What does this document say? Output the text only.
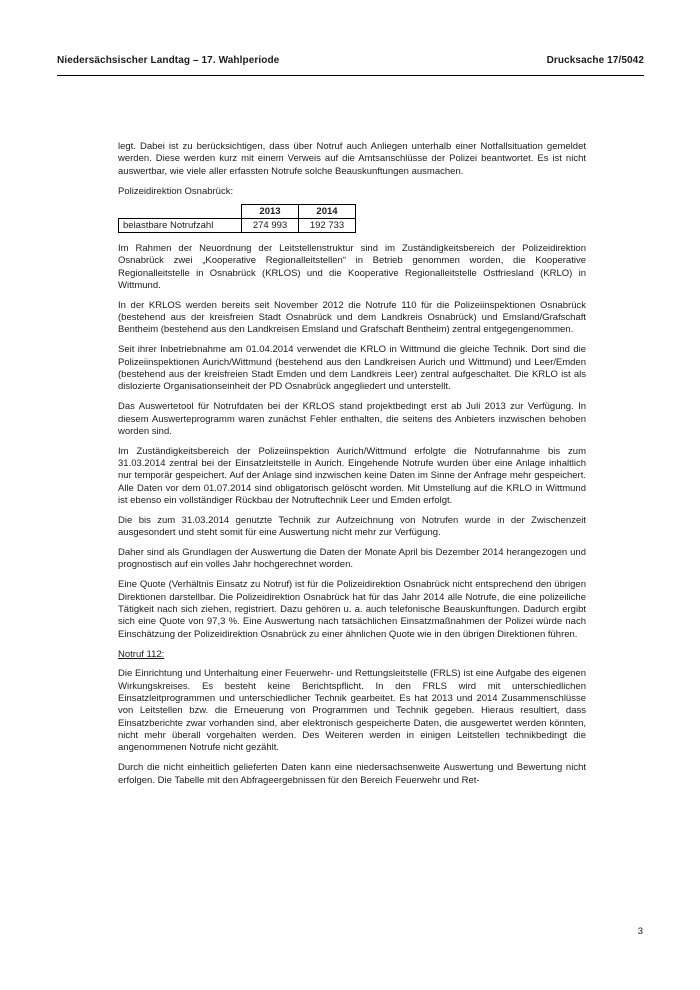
Niedersächsischer Landtag – 17. Wahlperiode	Drucksache 17/5042

legt. Dabei ist zu berücksichtigen, dass über Notruf auch Anliegen unterhalb einer Notfallsituation gemeldet werden. Diese werden kurz mit einem Verweis auf die Amtsanschlüsse der Polizei beantwortet. Es ist nicht auswertbar, wie viele aller erfassten Notrufe solche Beauskunftungen ausmachen.

Polizeidirektion Osnabrück:

	2013	2014
belastbare Notrufzahl	274 993	192 733

Im Rahmen der Neuordnung der Leitstellenstruktur sind im Zuständigkeitsbereich der Polizeidirektion Osnabrück zwei „Kooperative Regionalleitstellen“ in Betrieb genommen worden, die Kooperative Regionalleitstelle in Osnabrück (KRLOS) und die Kooperative Regionalleitstelle Ostfriesland (KRLO) in Wittmund.

In der KRLOS werden bereits seit November 2012 die Notrufe 110 für die Polizeiinspektionen Osnabrück (bestehend aus der kreisfreien Stadt Osnabrück und dem Landkreis Osnabrück) und Emsland/Grafschaft Bentheim (bestehend aus den Landkreisen Emsland und Grafschaft Bentheim) zentral entgegengenommen.

Seit ihrer Inbetriebnahme am 01.04.2014 verwendet die KRLO in Wittmund die gleiche Technik. Dort sind die Polizeiinspektionen Aurich/Wittmund (bestehend aus den Landkreisen Aurich und Wittmund) und Leer/Emden (bestehend aus der kreisfreien Stadt Emden und dem Landkreis Leer) zentral aufgeschaltet. Die KRLO ist als dislozierte Organisationseinheit der PD Osnabrück angegliedert und unterstellt.

Das Auswertetool für Notrufdaten bei der KRLOS stand projektbedingt erst ab Juli 2013 zur Verfügung. In diesem Auswerteprogramm waren zunächst Fehler enthalten, die seitens des Anbieters inzwischen behoben worden sind.

Im Zuständigkeitsbereich der Polizeiinspektion Aurich/Wittmund erfolgte die Notrufannahme bis zum 31.03.2014 zentral bei der Einsatzleitstelle in Aurich. Eingehende Notrufe wurden über eine Anlage inhaltlich nur temporär gespeichert. Auf der Anlage sind inzwischen keine Daten im Sinne der Anfrage mehr gespeichert. Alle Daten vor dem 01.07.2014 sind obligatorisch gelöscht worden. Mit Umstellung auf die KRLO in Wittmund ist ebenso ein vollständiger Rückbau der Notruftechnik Leer und Emden erfolgt.

Die bis zum 31.03.2014 genutzte Technik zur Aufzeichnung von Notrufen wurde in der Zwischenzeit ausgesondert und steht somit für eine Auswertung nicht mehr zur Verfügung.

Daher sind als Grundlagen der Auswertung die Daten der Monate April bis Dezember 2014 herangezogen und prognostisch auf ein volles Jahr hochgerechnet worden.

Eine Quote (Verhältnis Einsatz zu Notruf) ist für die Polizeidirektion Osnabrück nicht entsprechend den übrigen Direktionen darstellbar. Die Polizeidirektion Osnabrück hat für das Jahr 2014 alle Notrufe, die eine polizeiliche Tätigkeit nach sich ziehen, registriert. Dazu gehören u. a. auch telefonische Beauskunftungen. Dadurch ergibt sich eine Quote von 97,3 %. Eine Auswertung nach tatsächlichen Einsatzmaßnahmen der Polizei würde nach Einschätzung der Polizeidirektion Osnabrück zu einer ähnlichen Quote wie in den übrigen Direktionen führen.

Notruf 112:

Die Einrichtung und Unterhaltung einer Feuerwehr- und Rettungsleitstelle (FRLS) ist eine Aufgabe des eigenen Wirkungskreises. Es besteht keine Berichtspflicht. In den FRLS wird mit unterschiedlichen Einsatzleitprogrammen und unterschiedlicher Technik gearbeitet. Es hat 2013 und 2014 Zusammenschlüsse von Leitstellen bzw. die Erneuerung von Programmen und Technik gegeben. Hieraus resultiert, dass Einsatzberichte zwar vorhanden sind, aber elektronisch gespeicherte Daten, die ausgewertet werden könnten, nicht mehr überall vorgehalten werden. Des Weiteren werden in einigen Leitstellen technikbedingt die angenommenen Notrufe nicht gezählt.

Durch die nicht einheitlich gelieferten Daten kann eine niedersachsenweite Auswertung und Bewertung nicht erfolgen. Die Tabelle mit den Abfrageergebnissen für den Bereich Feuerwehr und Ret-

3
